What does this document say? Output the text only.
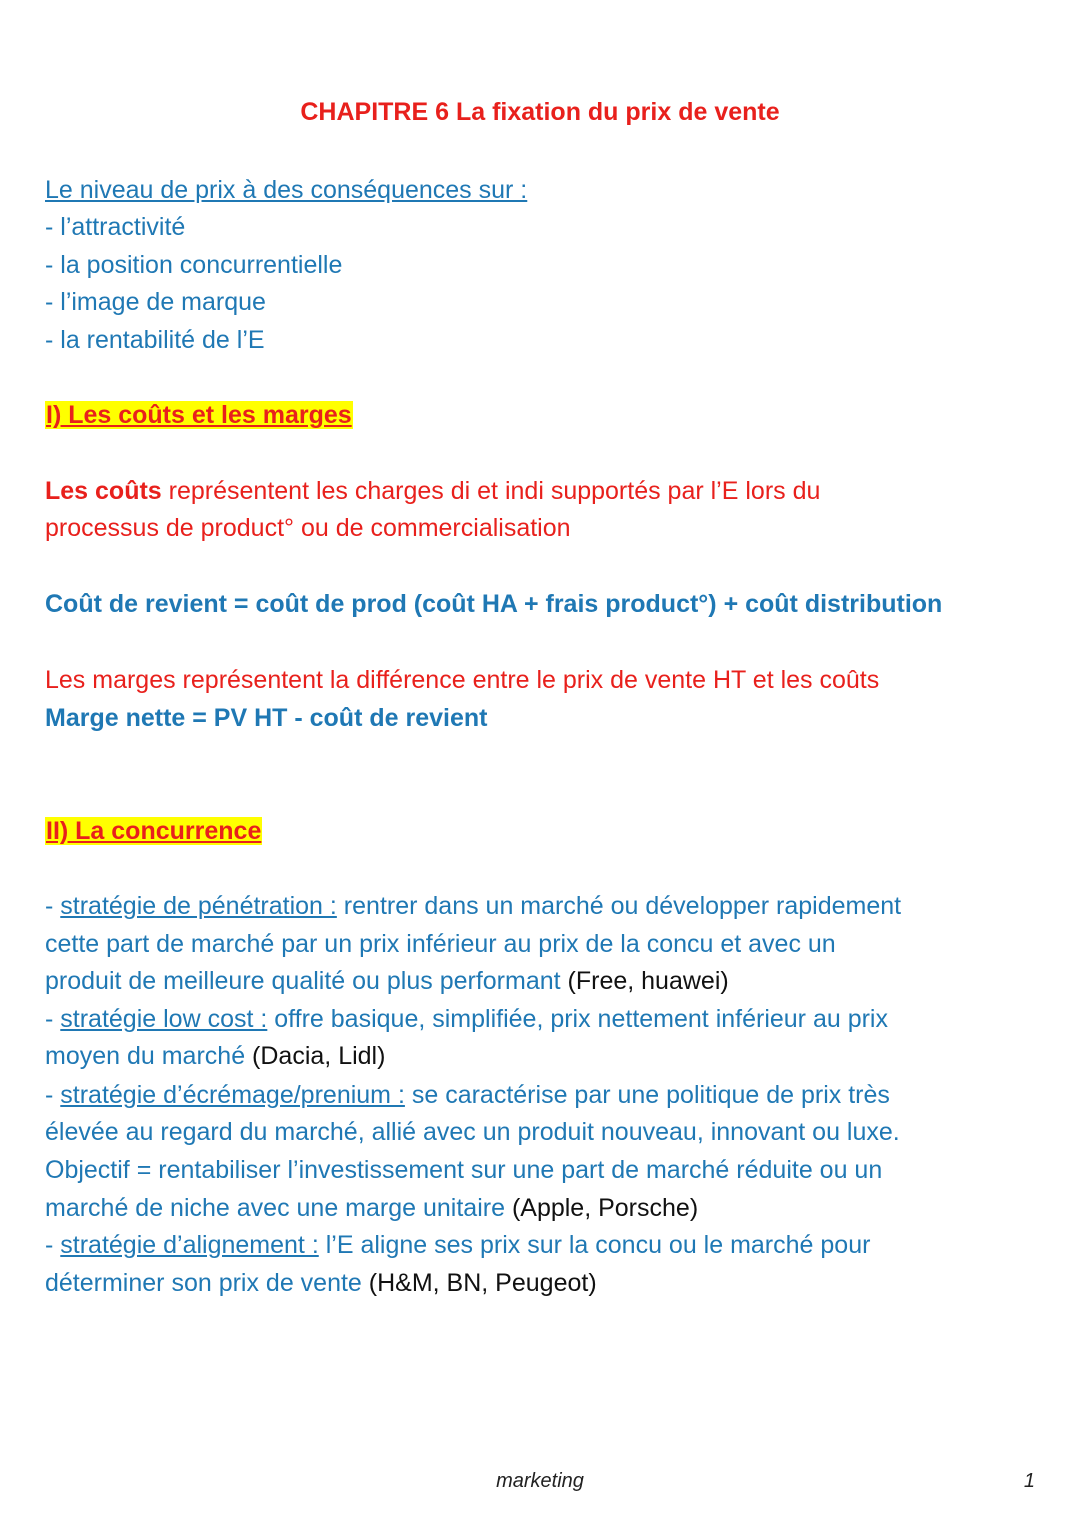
CHAPITRE 6 La fixation du prix de vente
Le niveau de prix à des conséquences sur :
- l’attractivité
- la position concurrentielle
- l’image de marque
- la rentabilité de l’E
I) Les coûts et les marges
Les coûts représentent les charges di et indi supportés par l’E lors du
processus de product° ou de commercialisation
Coût de revient = coût de prod (coût HA + frais product°) + coût distribution
Les marges représentent la différence entre le prix de vente HT et les coûts
Marge nette = PV HT - coût de revient
II) La concurrence
- stratégie de pénétration : rentrer dans un marché ou développer rapidement
cette part de marché par un prix inférieur au prix de la concu et avec un
produit de meilleure qualité ou plus performant (Free, huawei)
- stratégie low cost : offre basique, simplifiée, prix nettement inférieur au prix
moyen du marché (Dacia, Lidl)
- stratégie d’écrémage/prenium : se caractérise par une politique de prix très
élevée au regard du marché, allié avec un produit nouveau, innovant ou luxe.
Objectif = rentabiliser l’investissement sur une part de marché réduite ou un
marché de niche avec une marge unitaire (Apple, Porsche)
- stratégie d’alignement : l’E aligne ses prix sur la concu ou le marché pour
déterminer son prix de vente (H&M, BN, Peugeot)
marketing	1
